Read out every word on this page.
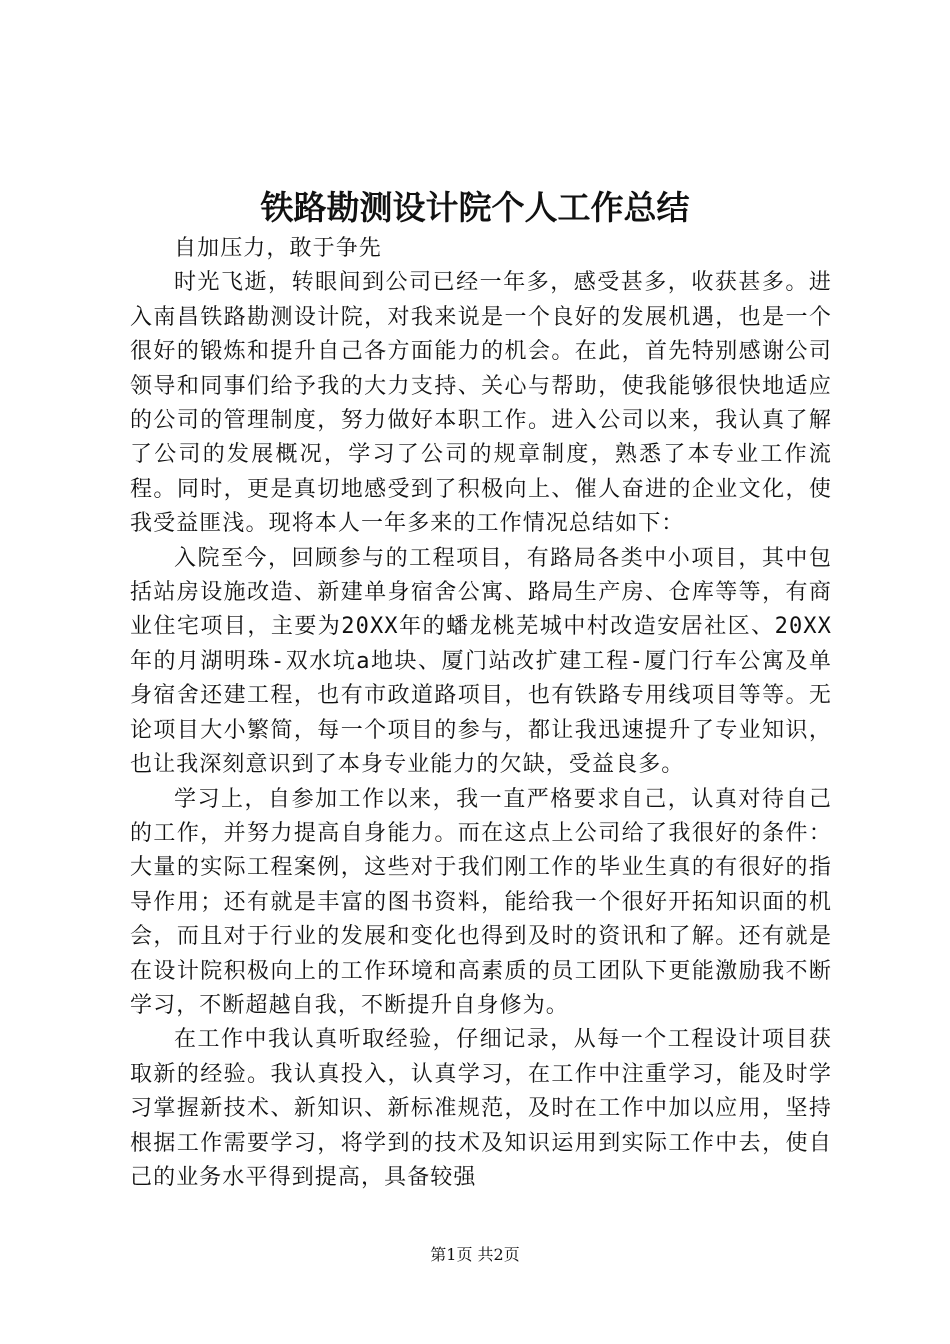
铁路勘测设计院个人工作总结

自加压力，敢于争先

时光飞逝，转眼间到公司已经一年多，感受甚多，收获甚多。进入南昌铁路勘测设计院，对我来说是一个良好的发展机遇，也是一个很好的锻炼和提升自己各方面能力的机会。在此，首先特别感谢公司领导和同事们给予我的大力支持、关心与帮助，使我能够很快地适应的公司的管理制度，努力做好本职工作。进入公司以来，我认真了解了公司的发展概况，学习了公司的规章制度，熟悉了本专业工作流程。同时，更是真切地感受到了积极向上、催人奋进的企业文化，使我受益匪浅。现将本人一年多来的工作情况总结如下：

入院至今，回顾参与的工程项目，有路局各类中小项目，其中包括站房设施改造、新建单身宿舍公寓、路局生产房、仓库等等，有商业住宅项目，主要为20XX年的蟠龙桃芜城中村改造安居社区、20XX年的月湖明珠-双水坑a地块、厦门站改扩建工程-厦门行车公寓及单身宿舍还建工程，也有市政道路项目，也有铁路专用线项目等等。无论项目大小繁简，每一个项目的参与，都让我迅速提升了专业知识，也让我深刻意识到了本身专业能力的欠缺，受益良多。

学习上，自参加工作以来，我一直严格要求自己，认真对待自己的工作，并努力提高自身能力。而在这点上公司给了我很好的条件：大量的实际工程案例，这些对于我们刚工作的毕业生真的有很好的指导作用；还有就是丰富的图书资料，能给我一个很好开拓知识面的机会，而且对于行业的发展和变化也得到及时的资讯和了解。还有就是在设计院积极向上的工作环境和高素质的员工团队下更能激励我不断学习，不断超越自我，不断提升自身修为。

在工作中我认真听取经验，仔细记录，从每一个工程设计项目获取新的经验。我认真投入，认真学习，在工作中注重学习，能及时学习掌握新技术、新知识、新标准规范，及时在工作中加以应用，坚持根据工作需要学习，将学到的技术及知识运用到实际工作中去，使自己的业务水平得到提高，具备较强

第1页 共2页
